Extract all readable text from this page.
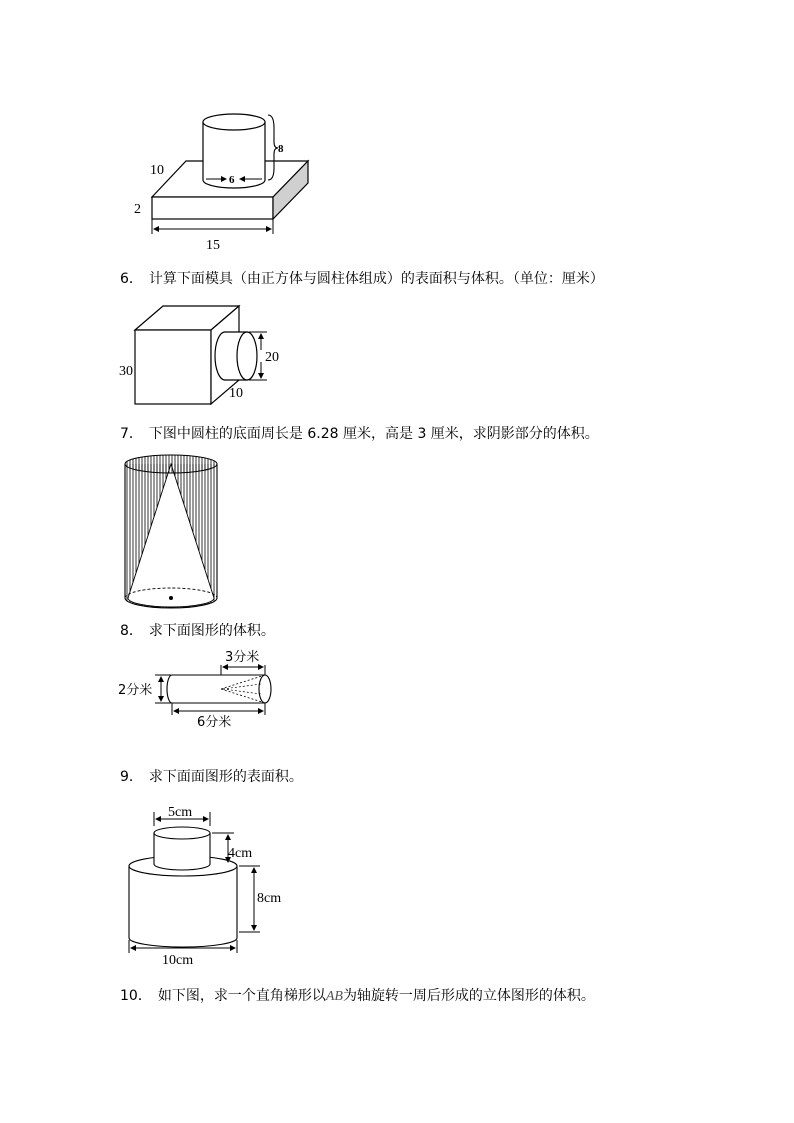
8
6
10
2
15
6． 计算下面模具（由正方体与圆柱体组成）的表面积与体积。（单位：厘米）
20
10
30
7． 下图中圆柱的底面周长是 6.28 厘米，高是 3 厘米，求阴影部分的体积。
8． 求下面图形的体积。
3分米
2分米
6分米
9． 求下面面图形的表面积。
5cm
4cm
8cm
10cm
10． 如下图，求一个直角梯形以AB为轴旋转一周后形成的立体图形的体积。
